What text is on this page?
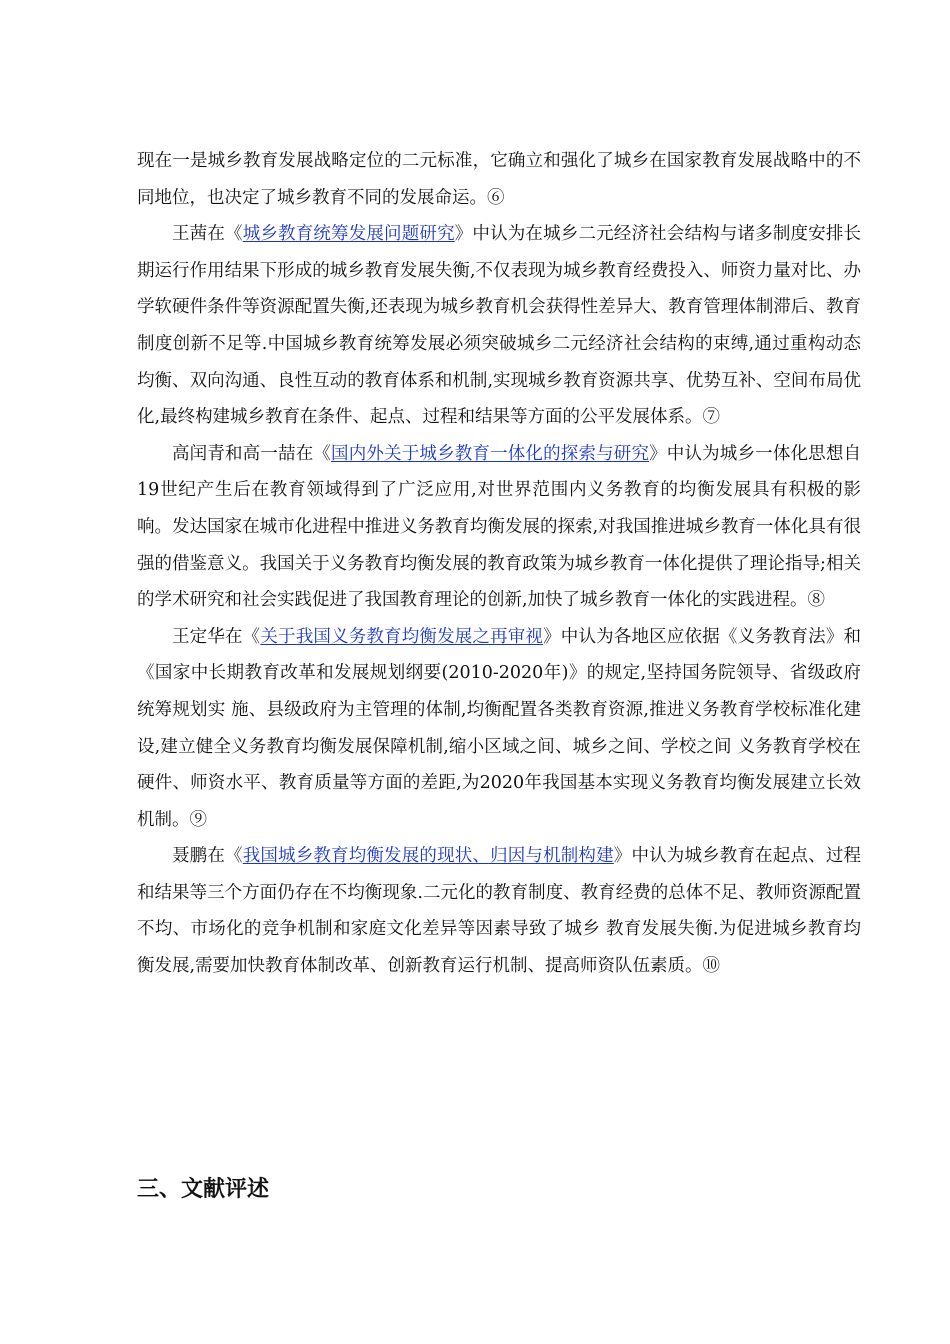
现在一是城乡教育发展战略定位的二元标准，它确立和强化了城乡在国家教育发展战略中的不同地位，也决定了城乡教育不同的发展命运。⑥

王茜在《城乡教育统筹发展问题研究》中认为在城乡二元经济社会结构与诸多制度安排长期运行作用结果下形成的城乡教育发展失衡,不仅表现为城乡教育经费投入、师资力量对比、办学软硬件条件等资源配置失衡,还表现为城乡教育机会获得性差异大、教育管理体制滞后、教育制度创新不足等.中国城乡教育统筹发展必须突破城乡二元经济社会结构的束缚,通过重构动态均衡、双向沟通、良性互动的教育体系和机制,实现城乡教育资源共享、优势互补、空间布局优化,最终构建城乡教育在条件、起点、过程和结果等方面的公平发展体系。⑦

高闰青和高一喆在《国内外关于城乡教育一体化的探索与研究》中认为城乡一体化思想自19世纪产生后在教育领域得到了广泛应用,对世界范围内义务教育的均衡发展具有积极的影响。发达国家在城市化进程中推进义务教育均衡发展的探索,对我国推进城乡教育一体化具有很强的借鉴意义。我国关于义务教育均衡发展的教育政策为城乡教育一体化提供了理论指导;相关的学术研究和社会实践促进了我国教育理论的创新,加快了城乡教育一体化的实践进程。⑧

王定华在《关于我国义务教育均衡发展之再审视》中认为各地区应依据《义务教育法》和《国家中长期教育改革和发展规划纲要(2010-2020年)》的规定,坚持国务院领导、省级政府统筹规划实 施、县级政府为主管理的体制,均衡配置各类教育资源,推进义务教育学校标准化建设,建立健全义务教育均衡发展保障机制,缩小区域之间、城乡之间、学校之间 义务教育学校在硬件、师资水平、教育质量等方面的差距,为2020年我国基本实现义务教育均衡发展建立长效机制。⑨

聂鹏在《我国城乡教育均衡发展的现状、归因与机制构建》中认为城乡教育在起点、过程和结果等三个方面仍存在不均衡现象.二元化的教育制度、教育经费的总体不足、教师资源配置不均、市场化的竞争机制和家庭文化差异等因素导致了城乡 教育发展失衡.为促进城乡教育均衡发展,需要加快教育体制改革、创新教育运行机制、提高师资队伍素质。⑩

三、文献评述
